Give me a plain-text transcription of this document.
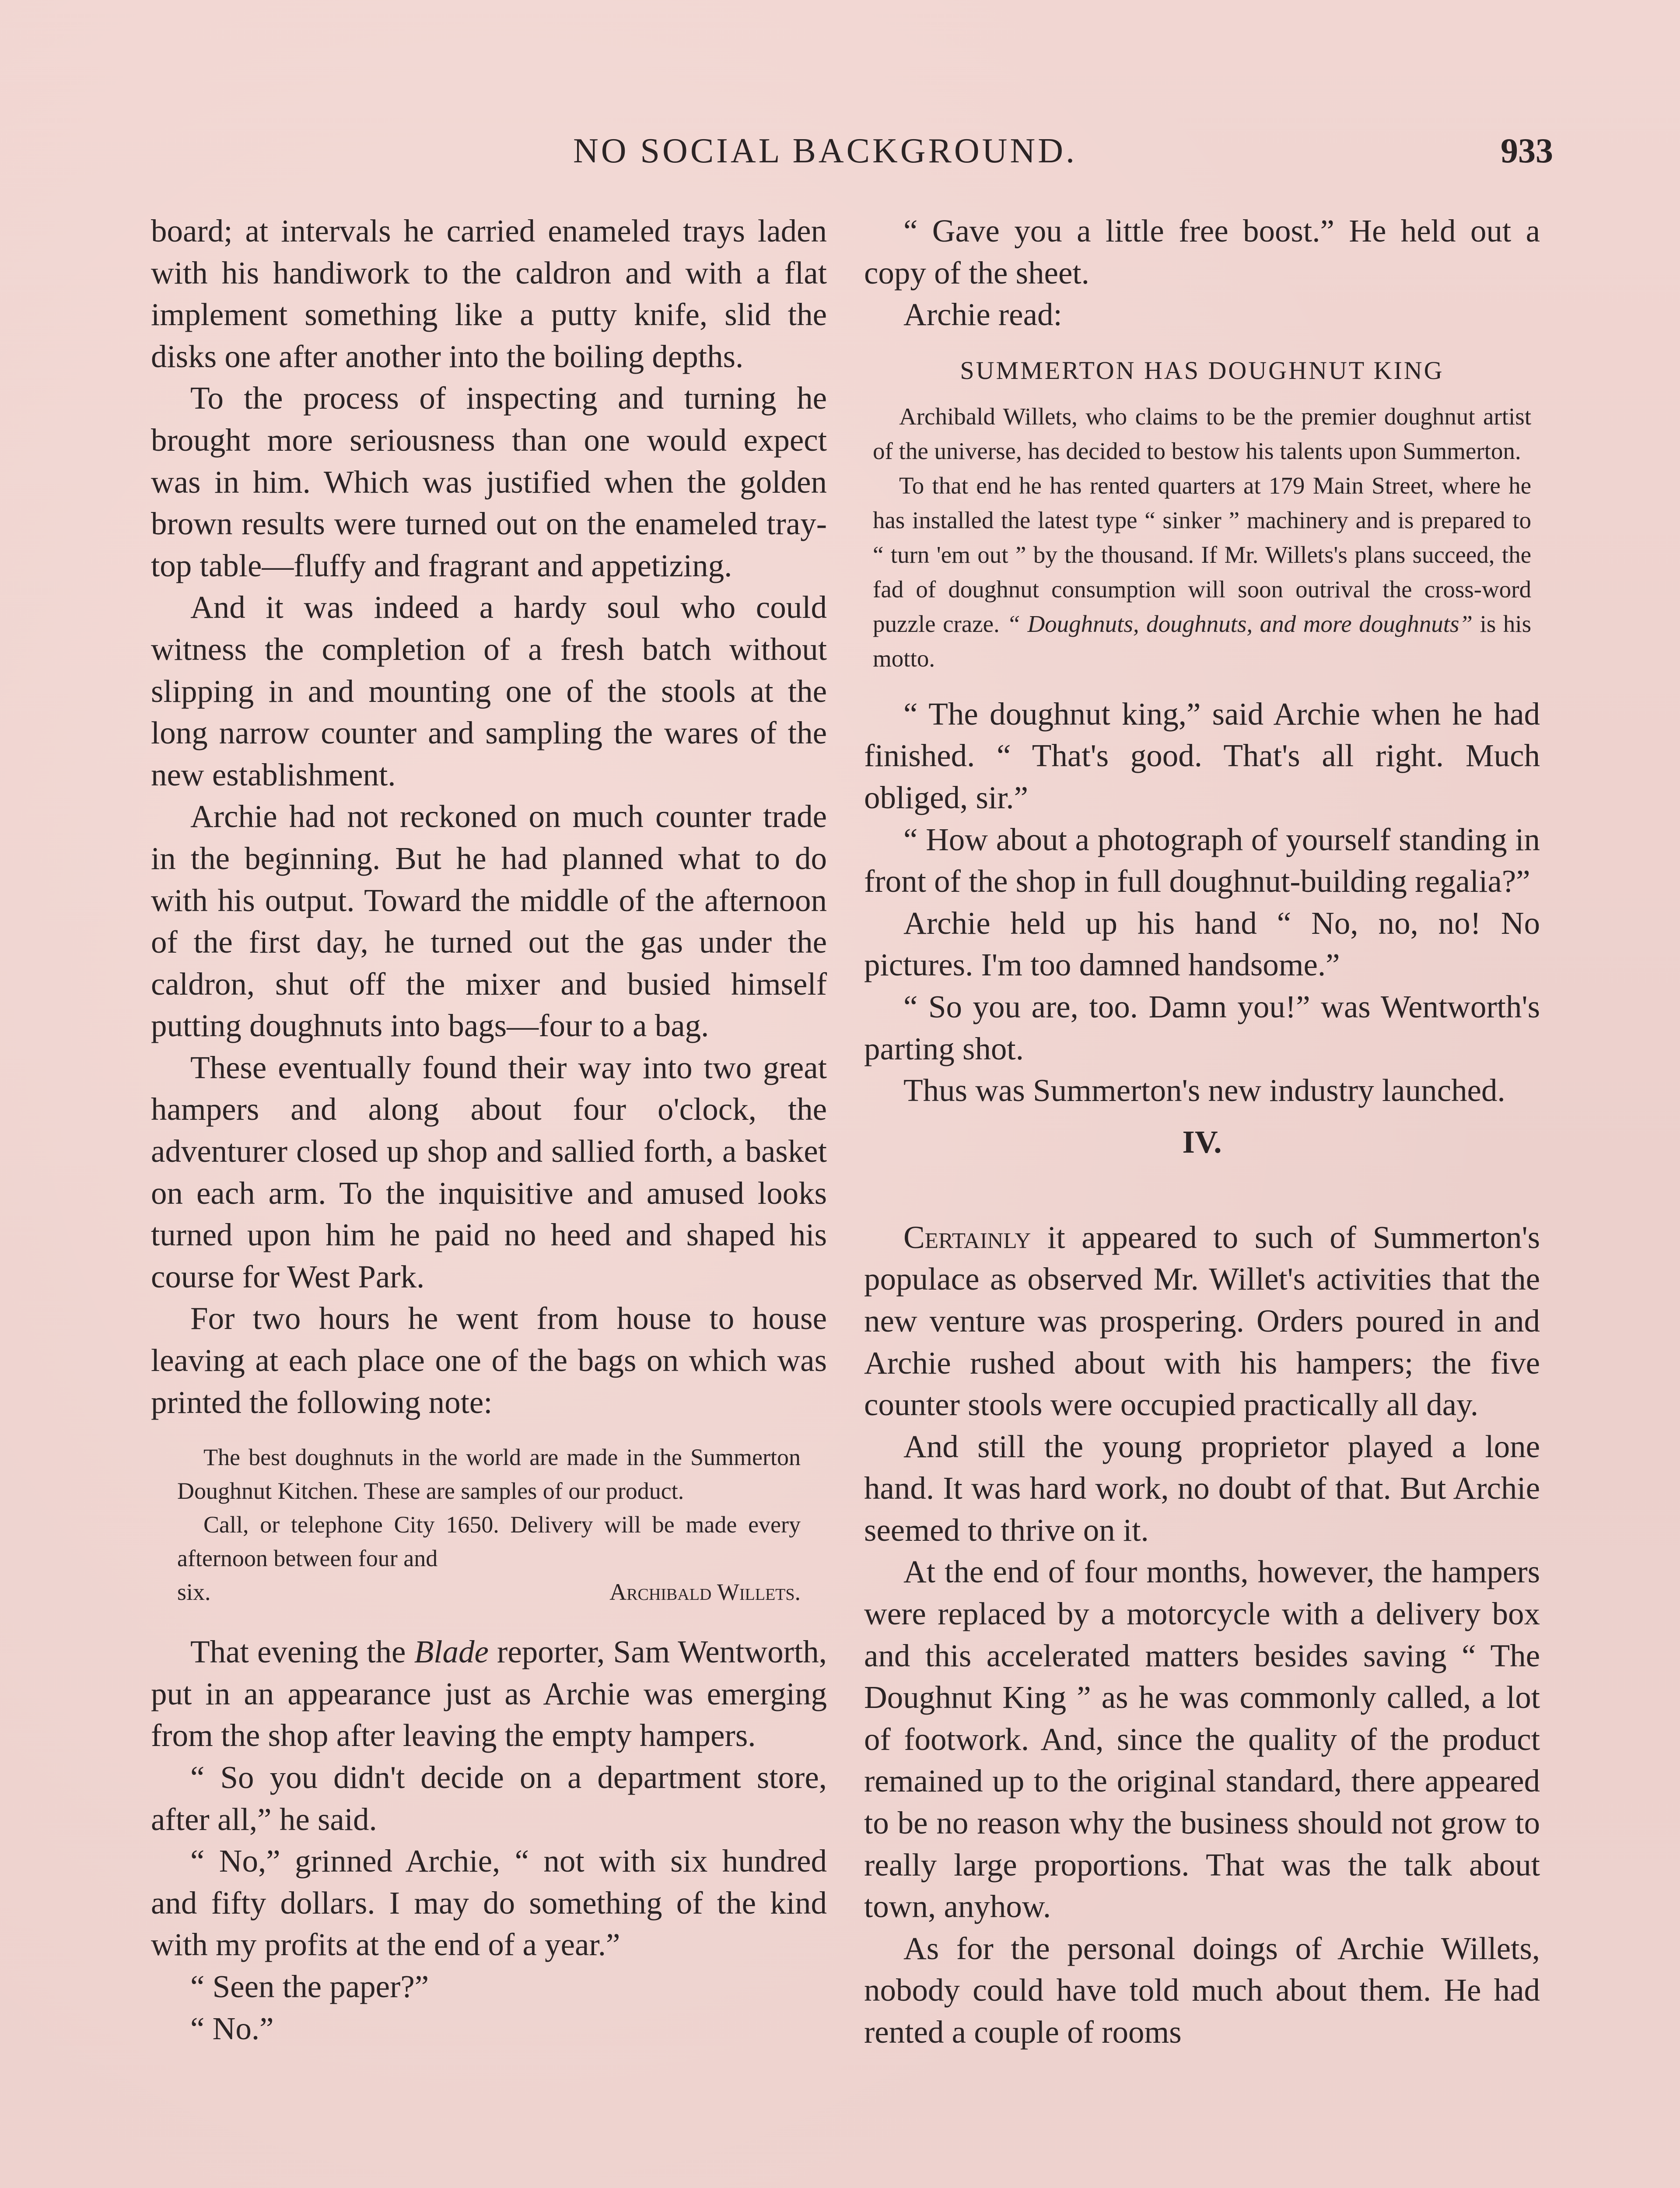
NO SOCIAL BACKGROUND.	933

board; at intervals he carried enameled trays laden with his handiwork to the caldron and with a flat implement something like a putty knife, slid the disks one after another into the boiling depths.

To the process of inspecting and turning he brought more seriousness than one would expect was in him. Which was justified when the golden brown results were turned out on the enameled tray-top table—fluffy and fragrant and appetizing.

And it was indeed a hardy soul who could witness the completion of a fresh batch without slipping in and mounting one of the stools at the long narrow counter and sampling the wares of the new establishment.

Archie had not reckoned on much counter trade in the beginning. But he had planned what to do with his output. Toward the middle of the afternoon of the first day, he turned out the gas under the caldron, shut off the mixer and busied himself putting doughnuts into bags—four to a bag.

These eventually found their way into two great hampers and along about four o'clock, the adventurer closed up shop and sallied forth, a basket on each arm. To the inquisitive and amused looks turned upon him he paid no heed and shaped his course for West Park.

For two hours he went from house to house leaving at each place one of the bags on which was printed the following note:

The best doughnuts in the world are made in the Summerton Doughnut Kitchen. These are samples of our product.

Call, or telephone City 1650. Delivery will be made every afternoon between four and

six.	Archibald Willets.

That evening the Blade reporter, Sam Wentworth, put in an appearance just as Archie was emerging from the shop after leaving the empty hampers.

“ So you didn't decide on a department store, after all,” he said.

“ No,” grinned Archie, “ not with six hundred and fifty dollars. I may do something of the kind with my profits at the end of a year.”

“ Seen the paper?”

“ No.”

“ Gave you a little free boost.” He held out a copy of the sheet.

Archie read:

SUMMERTON HAS DOUGHNUT KING

Archibald Willets, who claims to be the premier doughnut artist of the universe, has decided to bestow his talents upon Summerton.

To that end he has rented quarters at 179 Main Street, where he has installed the latest type “ sinker ” machinery and is prepared to “ turn 'em out ” by the thousand. If Mr. Willets's plans succeed, the fad of doughnut consumption will soon outrival the cross-word puzzle craze. “ Doughnuts, doughnuts, and more doughnuts” is his motto.

“ The doughnut king,” said Archie when he had finished. “ That's good. That's all right. Much obliged, sir.”

“ How about a photograph of yourself standing in front of the shop in full doughnut-building regalia?”

Archie held up his hand “ No, no, no! No pictures. I'm too damned handsome.”

“ So you are, too. Damn you!” was Wentworth's parting shot.

Thus was Summerton's new industry launched.

IV.

Certainly it appeared to such of Summerton's populace as observed Mr. Willet's activities that the new venture was prospering. Orders poured in and Archie rushed about with his hampers; the five counter stools were occupied practically all day.

And still the young proprietor played a lone hand. It was hard work, no doubt of that. But Archie seemed to thrive on it.

At the end of four months, however, the hampers were replaced by a motorcycle with a delivery box and this accelerated matters besides saving “ The Doughnut King ” as he was commonly called, a lot of footwork. And, since the quality of the product remained up to the original standard, there appeared to be no reason why the business should not grow to really large proportions. That was the talk about town, anyhow.

As for the personal doings of Archie Willets, nobody could have told much about them. He had rented a couple of rooms
